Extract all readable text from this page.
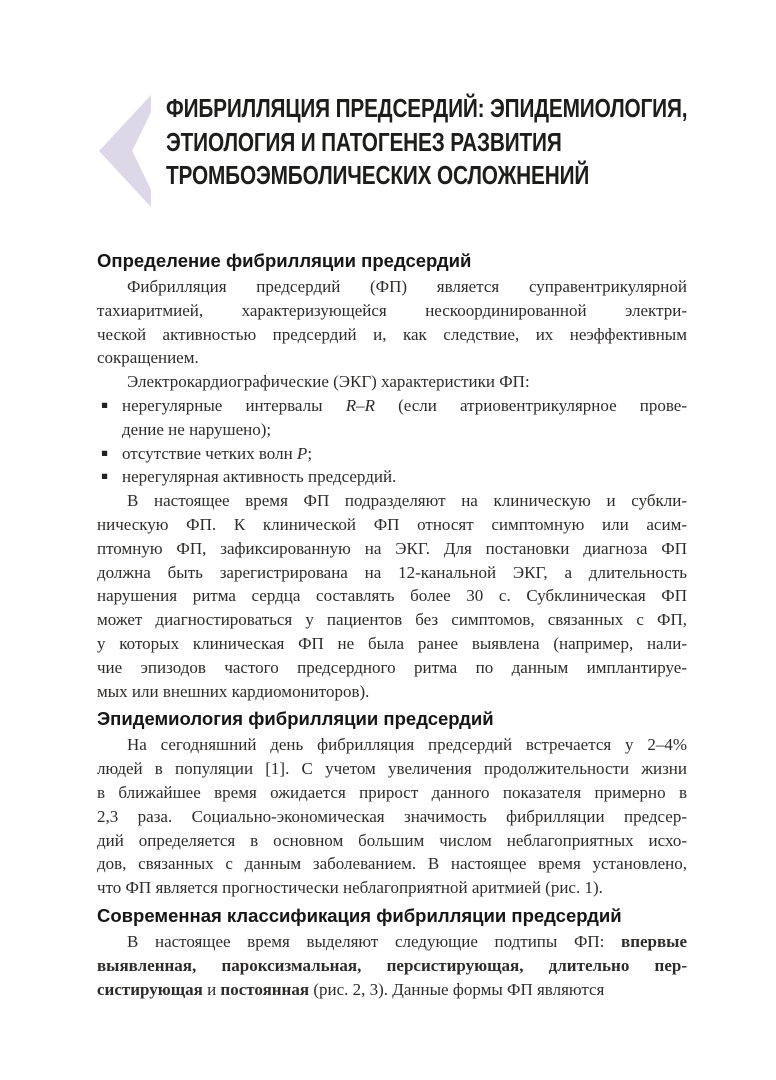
ФИБРИЛЛЯЦИЯ ПРЕДСЕРДИЙ: ЭПИДЕМИОЛОГИЯ,
ЭТИОЛОГИЯ И ПАТОГЕНЕЗ РАЗВИТИЯ
ТРОМБОЭМБОЛИЧЕСКИХ ОСЛОЖНЕНИЙ
Определение фибрилляции предсердий
Фибрилляция предсердий (ФП) является суправентрикулярной
тахиаритмией, характеризующейся нескоординированной электри-
ческой активностью предсердий и, как следствие, их неэффективным
сокращением.
Электрокардиографические (ЭКГ) характеристики ФП:
▪ нерегулярные интервалы R–R (если атриовентрикулярное прове-
дение не нарушено);
▪ отсутствие четких волн P;
▪ нерегулярная активность предсердий.
В настоящее время ФП подразделяют на клиническую и субкли-
ническую ФП. К клинической ФП относят симптомную или асим-
птомную ФП, зафиксированную на ЭКГ. Для постановки диагноза ФП
должна быть зарегистрирована на 12-канальной ЭКГ, а длительность
нарушения ритма сердца составлять более 30 с. Субклиническая ФП
может диагностироваться у пациентов без симптомов, связанных с ФП,
у которых клиническая ФП не была ранее выявлена (например, нали-
чие эпизодов частого предсердного ритма по данным имплантируе-
мых или внешних кардиомониторов).
Эпидемиология фибрилляции предсердий
На сегодняшний день фибрилляция предсердий встречается у 2–4%
людей в популяции [1]. С учетом увеличения продолжительности жизни
в ближайшее время ожидается прирост данного показателя примерно в
2,3 раза. Социально-экономическая значимость фибрилляции предсер-
дий определяется в основном большим числом неблагоприятных исхо-
дов, связанных с данным заболеванием. В настоящее время установлено,
что ФП является прогностически неблагоприятной аритмией (рис. 1).
Современная классификация фибрилляции предсердий
В настоящее время выделяют следующие подтипы ФП: впервые
выявленная, пароксизмальная, персистирующая, длительно пер-
систирующая и постоянная (рис. 2, 3). Данные формы ФП являются
